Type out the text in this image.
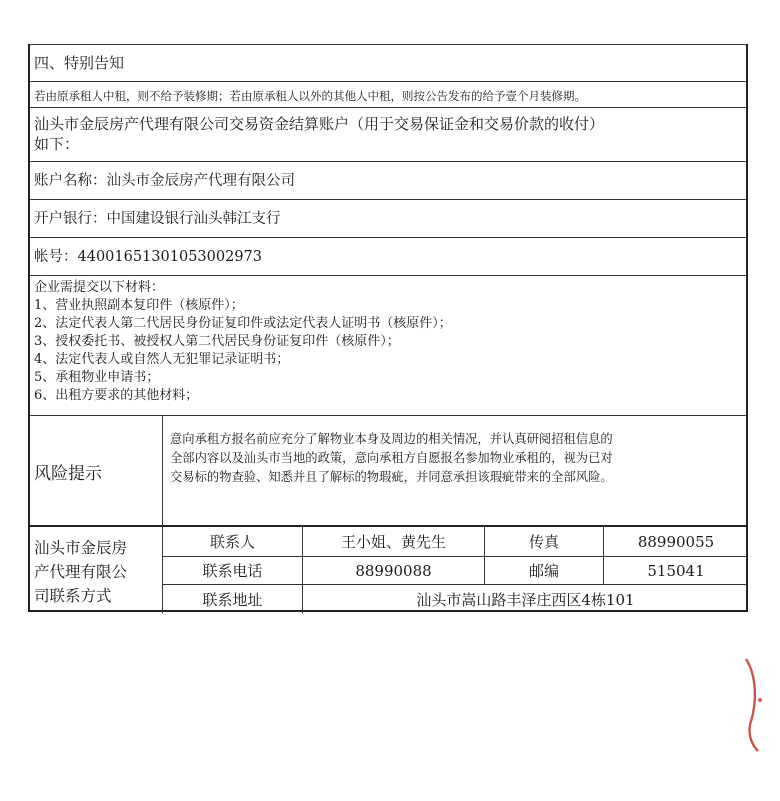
四、特别告知
若由原承租人中租，则不给予装修期；若由原承租人以外的其他人中租，则按公告发布的给予壹个月装修期。
汕头市金辰房产代理有限公司交易资金结算账户（用于交易保证金和交易价款的收付）
如下：
账户名称：汕头市金辰房产代理有限公司
开户银行：中国建设银行汕头韩江支行
帐号：44001651301053002973
企业需提交以下材料：
1、营业执照副本复印件（核原件）；
2、法定代表人第二代居民身份证复印件或法定代表人证明书（核原件）；
3、授权委托书、被授权人第二代居民身份证复印件（核原件）；
4、法定代表人或自然人无犯罪记录证明书；
5、承租物业申请书；
6、出租方要求的其他材料；
风险提示
意向承租方报名前应充分了解物业本身及周边的相关情况，并认真研阅招租信息的
全部内容以及汕头市当地的政策，意向承租方自愿报名参加物业承租的，视为已对
交易标的物查验、知悉并且了解标的物瑕疵，并同意承担该瑕疵带来的全部风险。
汕头市金辰房
产代理有限公
司联系方式
联系人	王小姐、黄先生	传真	88990055
联系电话	88990088	邮编	515041
联系地址	汕头市嵩山路丰泽庄西区4栋101
